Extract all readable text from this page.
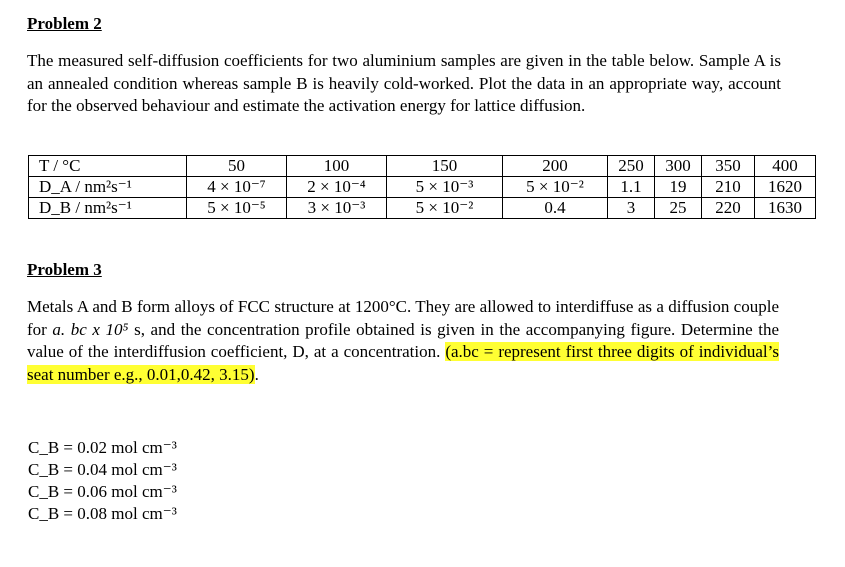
Problem 2
The measured self-diffusion coefficients for two aluminium samples are given in the table below. Sample A is an annealed condition whereas sample B is heavily cold-worked. Plot the data in an appropriate way, account for the observed behaviour and estimate the activation energy for lattice diffusion.
T / °C	50	100	150	200	250	300	350	400
D_A / nm²s⁻¹	4 × 10⁻⁷	2 × 10⁻⁴	5 × 10⁻³	5 × 10⁻²	1.1	19	210	1620
D_B / nm²s⁻¹	5 × 10⁻⁵	3 × 10⁻³	5 × 10⁻²	0.4	3	25	220	1630
Problem 3
Metals A and B form alloys of FCC structure at 1200°C. They are allowed to interdiffuse as a diffusion couple for a. bc x 10⁵ s, and the concentration profile obtained is given in the accompanying figure. Determine the value of the interdiffusion coefficient, D, at a concentration. (a.bc = represent first three digits of individual’s seat number e.g., 0.01,0.42, 3.15).
C_B = 0.02 mol cm⁻³
C_B = 0.04 mol cm⁻³
C_B = 0.06 mol cm⁻³
C_B = 0.08 mol cm⁻³
